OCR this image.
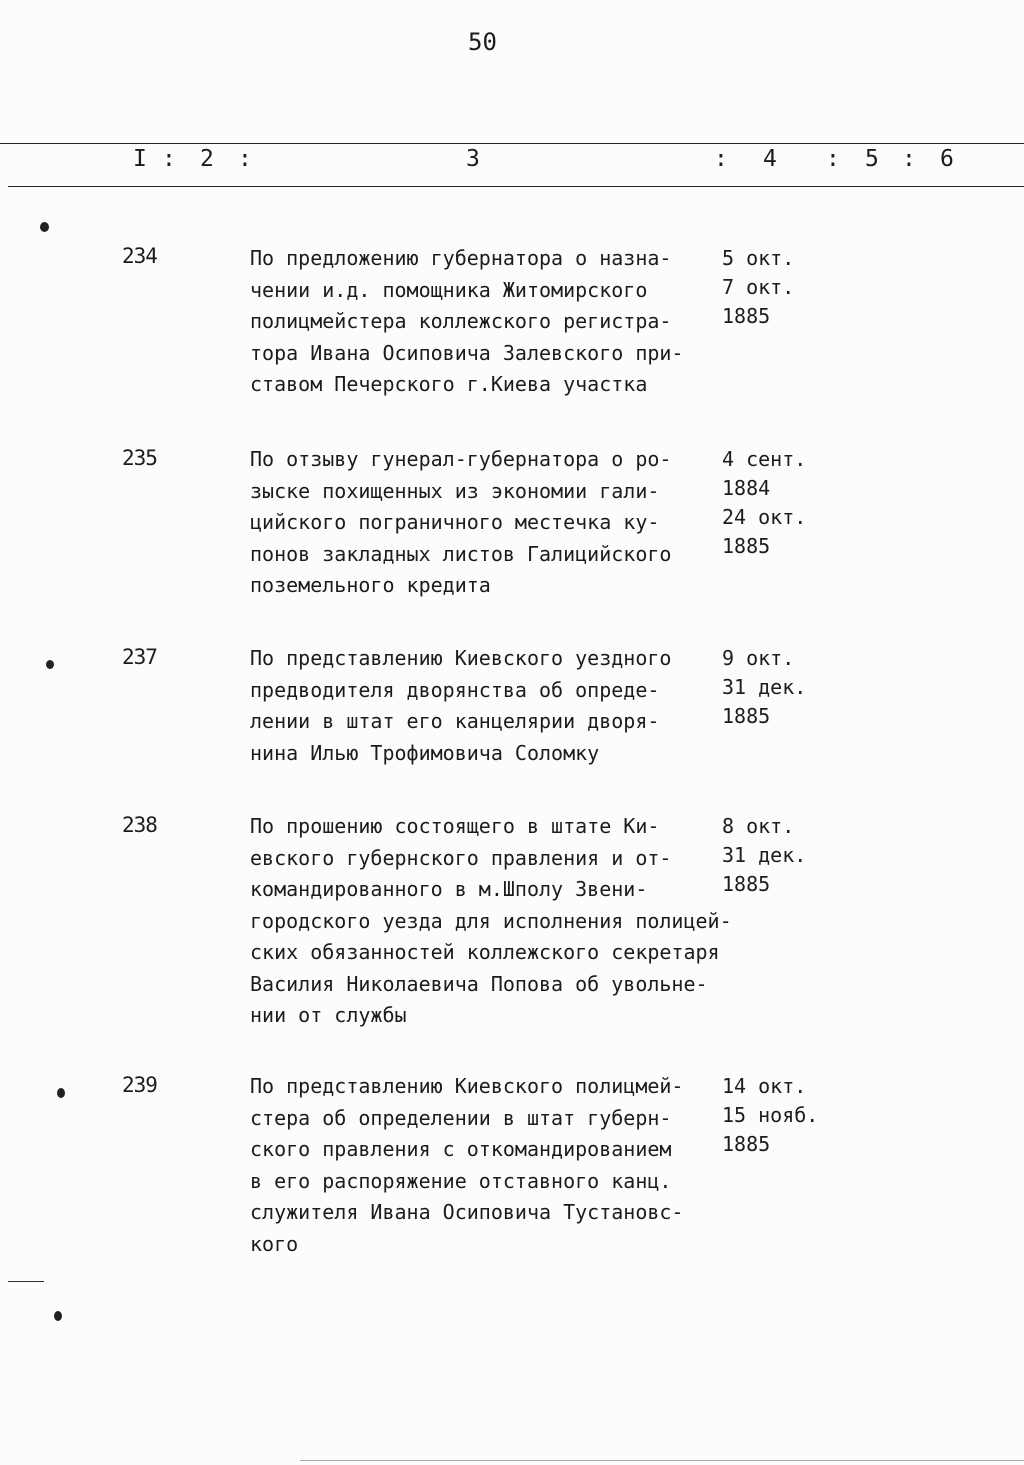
50
I : 2 :	3	: 4 : 5 : 6
234	По предложению губернатора о назна-
чении и.д. помощника Житомирского
полицмейстера коллежского регистра-
тора Ивана Осиповича Залевского при-
ставом Печерского г.Киева участка
5 окт.
7 окт.
1885
235	По отзыву гунерал-губернатора о ро-
зыске похищенных из экономии гали-
цийского пограничного местечка ку-
понов закладных листов Галицийского
поземельного кредита
4 сент.
1884
24 окт.
1885
237	По представлению Киевского уездного
предводителя дворянства об опреде-
лении в штат его канцелярии дворя-
нина Илью Трофимовича Соломку
9 окт.
31 дек.
1885
238	По прошению состоящего в штате Ки-
евского губернского правления и от-
командированного в м.Шполу Звени-
городского уезда для исполнения полицей-
ских обязанностей коллежского секретаря
Василия Николаевича Попова об увольне-
нии от службы
8 окт.
31 дек.
1885
239	По представлению Киевского полицмей-
стера об определении в штат губерн-
ского правления с откомандированием
в его распоряжение отставного канц.
служителя Ивана Осиповича Тустановс-
кого
14 окт.
15 нояб.
1885
